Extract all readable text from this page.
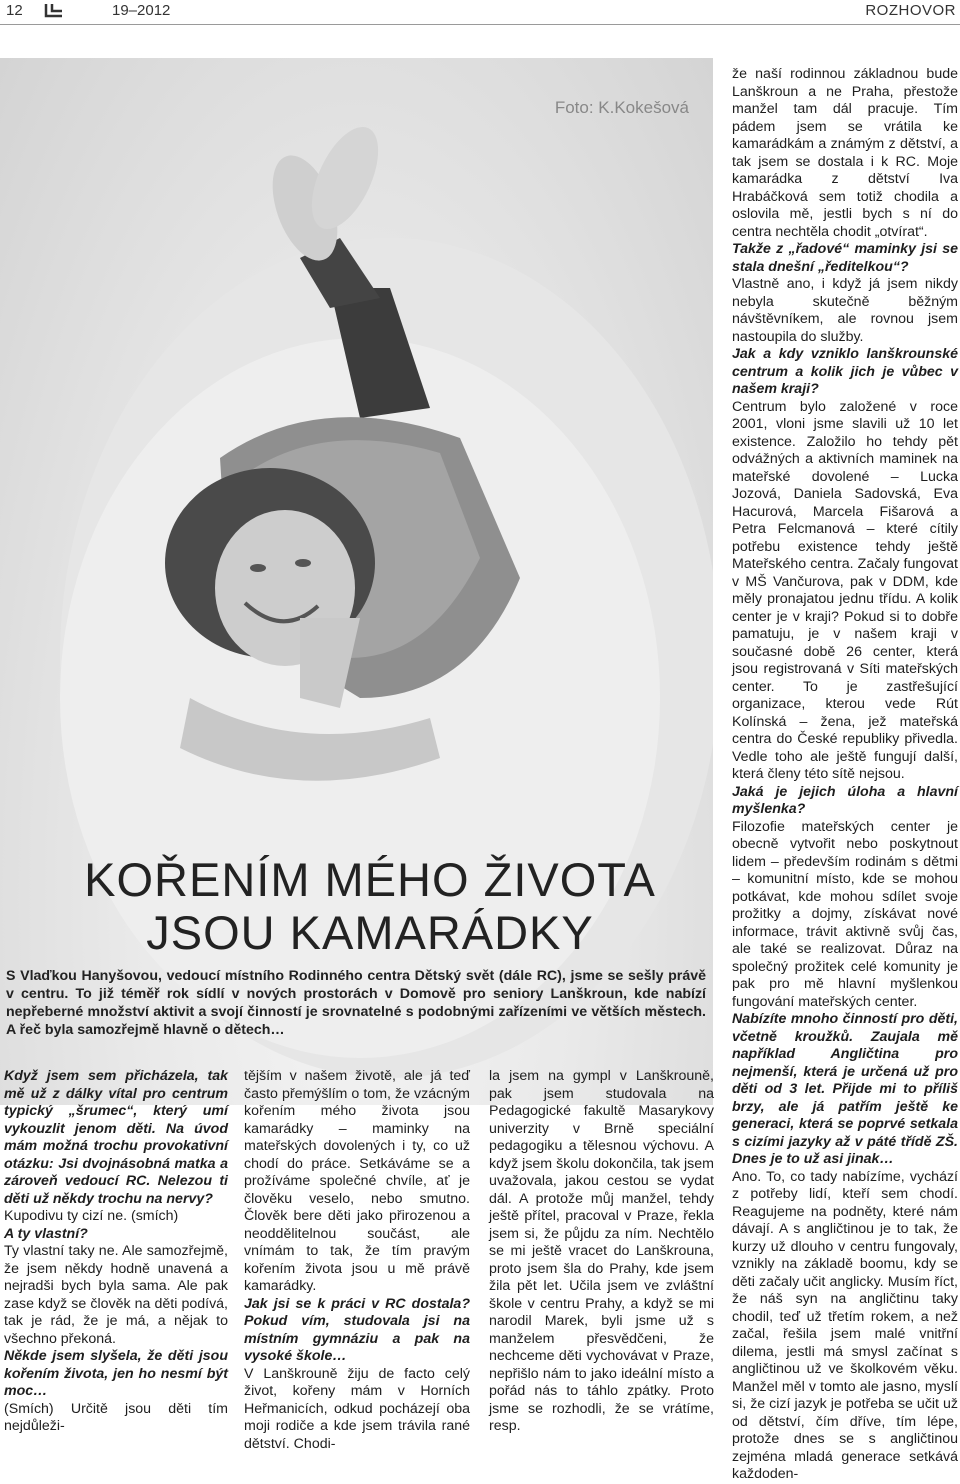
12	19–2012	ROZHOVOR
Foto: K.Kokešová
KOŘENÍM MÉHO ŽIVOTA
JSOU KAMARÁDKY

S Vlaďkou Hanyšovou, vedoucí místního Rodinného centra Dětský svět (dále RC), jsme se sešly právě v centru. To již téměř rok sídlí v nových prostorách v Domově pro seniory Lanškroun, kde nabízí nepřeberné množství aktivit a svojí činností je srovnatelné s podobnými zařízeními ve větších městech. A řeč byla samozřejmě hlavně o dětech…

Když jsem sem přicházela, tak mě už z dálky vítal pro centrum typický „šrumec“, který umí vykouzlit jenom děti. Na úvod mám možná trochu provokativní otázku: Jsi dvojnásobná matka a zároveň vedoucí RC. Nelezou ti děti už někdy trochu na nervy?

Kupodivu ty cizí ne. (smích)

A ty vlastní?

Ty vlastní taky ne. Ale samozřejmě, že jsem někdy hodně unavená a nejradši bych byla sama. Ale pak zase když se člověk na děti podívá, tak je rád, že je má, a nějak to všechno překoná.

Někde jsem slyšela, že děti jsou kořením života, jen ho nesmí být moc…

(Smích) Určitě jsou děti tím nejdůleži-

tějším v našem životě, ale já teď často přemýšlím o tom, že vzácným kořením mého života jsou kamarádky – maminky na mateřských dovolených i ty, co už chodí do práce. Setkáváme se a prožíváme společné chvíle, ať je člověku veselo, nebo smutno. Člověk bere děti jako přirozenou a neoddělitelnou součást, ale vnímám to tak, že tím pravým kořením života jsou u mě právě kamarádky.

Jak jsi se k práci v RC dostala? Pokud vím, studovala jsi na místním gymnáziu a pak na vysoké škole…

V Lanškrouně žiju de facto celý život, kořeny mám v Horních Heřmanicích, odkud pocházejí oba moji rodiče a kde jsem trávila rané dětství. Chodi-

la jsem na gympl v Lanškrouně, pak jsem studovala na Pedagogické fakultě Masarykovy univerzity v Brně speciální pedagogiku a tělesnou výchovu. A když jsem školu dokončila, tak jsem uvažovala, jakou cestou se vydat dál. A protože můj manžel, tehdy ještě přítel, pracoval v Praze, řekla jsem si, že půjdu za ním. Nechtělo se mi ještě vracet do Lanškrouna, proto jsem šla do Prahy, kde jsem žila pět let. Učila jsem ve zvláštní škole v centru Prahy, a když se mi narodil Marek, byli jsme už s manželem přesvědčeni, že nechceme děti vychovávat v Praze, nepřišlo nám to jako ideální místo a pořád nás to táhlo zpátky. Proto jsme se rozhodli, že se vrátíme, resp.

že naší rodinnou základnou bude Lanškroun a ne Praha, přestože manžel tam dál pracuje. Tím pádem jsem se vrátila ke kamarádkám a známým z dětství, a tak jsem se dostala i k RC. Moje kamarádka z dětství Iva Hrabáčková sem totiž chodila a oslovila mě, jestli bych s ní do centra nechtěla chodit „otvírat“.

Takže z „řadové“ maminky jsi se stala dnešní „ředitelkou“?

Vlastně ano, i když já jsem nikdy nebyla skutečně běžným návštěvníkem, ale rovnou jsem nastoupila do služby.

Jak a kdy vzniklo lanškrounské centrum a kolik jich je vůbec v našem kraji?

Centrum bylo založené v roce 2001, vloni jsme slavili už 10 let existence. Založilo ho tehdy pět odvážných a aktivních maminek na mateřské dovolené – Lucka Jozová, Daniela Sadovská, Eva Hacurová, Marcela Fišarová a Petra Felcmanová – které cítily potřebu existence tehdy ještě Mateřského centra. Začaly fungovat v MŠ Vančurova, pak v DDM, kde měly pronajatou jednu třídu. A kolik center je v kraji? Pokud si to dobře pamatuju, je v našem kraji v současné době 26 center, která jsou registrovaná v Síti mateřských center. To je zastřešující organizace, kterou vede Rút Kolínská – žena, jež mateřská centra do České republiky přivedla. Vedle toho ale ještě fungují další, která členy této sítě nejsou.

Jaká je jejich úloha a hlavní myšlenka?

Filozofie mateřských center je obecně vytvořit nebo poskytnout lidem – především rodinám s dětmi – komunitní místo, kde se mohou potkávat, kde mohou sdílet svoje prožitky a dojmy, získávat nové informace, trávit aktivně svůj čas, ale také se realizovat. Důraz na společný prožitek celé komunity je pak pro mě hlavní myšlenkou fungování mateřských center.

Nabízíte mnoho činností pro děti, včetně kroužků. Zaujala mě například Angličtina pro nejmenší, která je určená už pro děti od 3 let. Přijde mi to příliš brzy, ale já patřím ještě ke generaci, která se poprvé setkala s cizími jazyky až v páté třídě ZŠ. Dnes je to už asi jinak…

Ano. To, co tady nabízíme, vychází z potřeby lidí, kteří sem chodí. Reagujeme na podněty, které nám dávají. A s angličtinou je to tak, že kurzy už dlouho v centru fungovaly, vznikly na základě boomu, kdy se děti začaly učit anglicky. Musím říct, že náš syn na angličtinu taky chodil, teď už třetím rokem, a než začal, řešila jsem malé vnitřní dilema, jestli má smysl začínat s angličtinou už ve školkovém věku. Manžel měl v tomto ale jasno, myslí si, že cizí jazyk je potřeba se učit už od dětství, čím dříve, tím lépe, protože dnes se s angličtinou zejména mladá generace setkává každoden-
